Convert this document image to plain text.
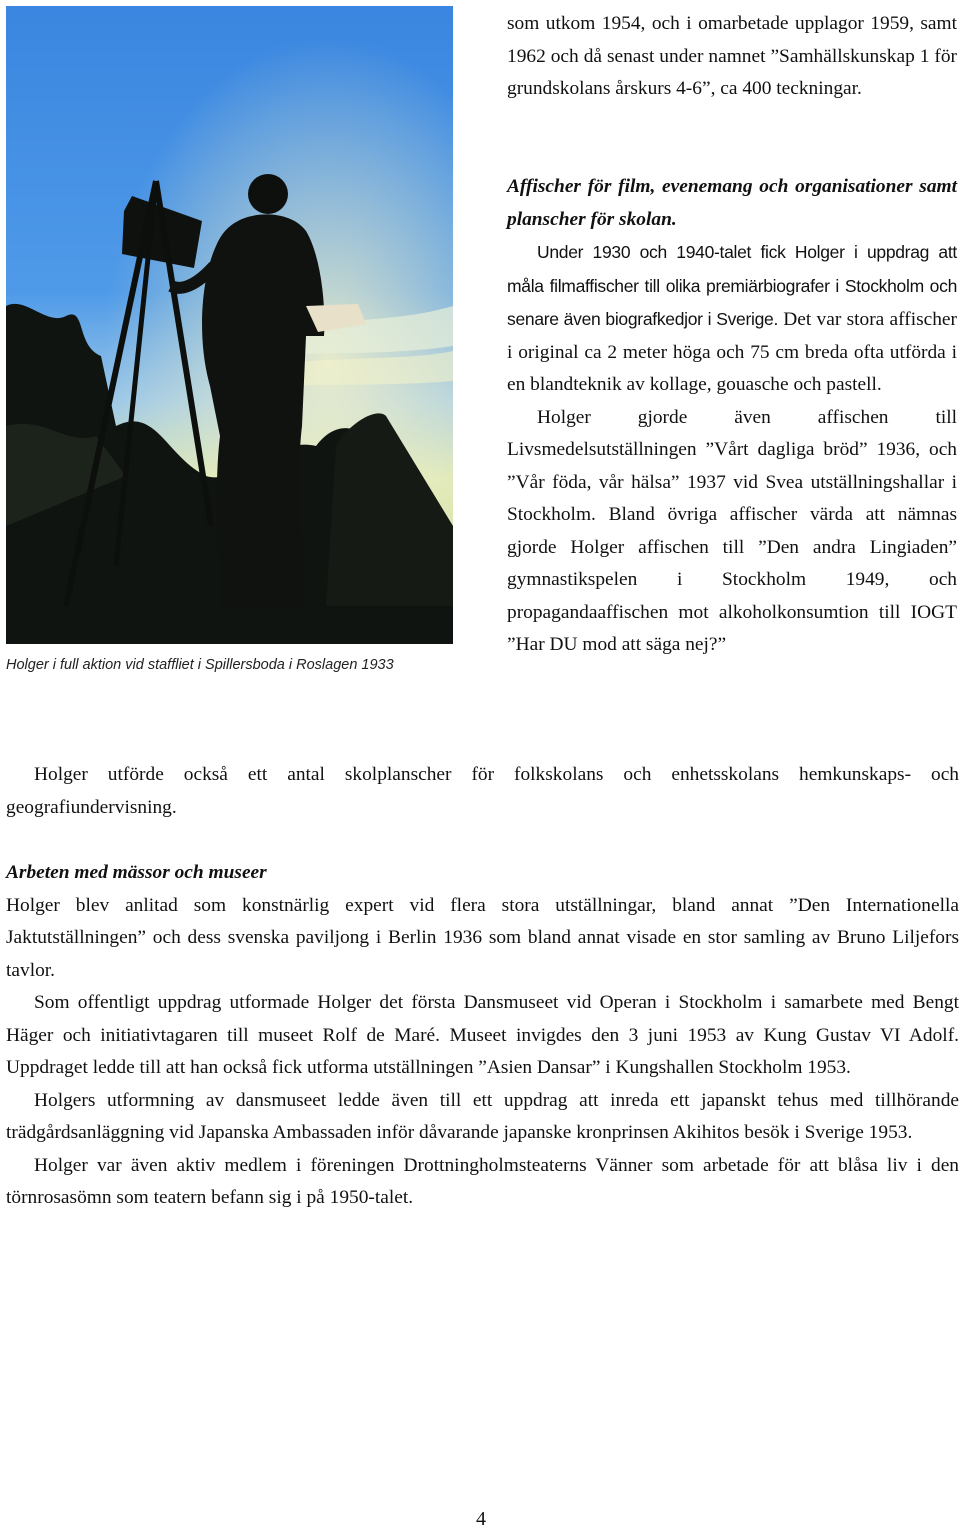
Holger i full aktion vid staffliet i Spillersboda i Roslagen 1933

som utkom 1954, och i omarbetade upplagor 1959, samt 1962 och då senast under namnet ”Samhällskunskap 1 för grundskolans årskurs 4-6”, ca 400 teckningar.

Affischer för film, evenemang och organisationer samt planscher för skolan.

Under 1930 och 1940-talet fick Holger i uppdrag att måla filmaffischer till olika premiärbiografer i Stockholm och senare även biografkedjor i Sverige. Det var stora affischer i original ca 2 meter höga och 75 cm breda ofta utförda i en blandteknik av kollage, gouasche och pastell.

Holger gjorde även affischen till Livsmedelsutställningen ”Vårt dagliga bröd” 1936, och ”Vår föda, vår hälsa” 1937 vid Svea utställningshallar i Stockholm. Bland övriga affischer värda att nämnas gjorde Holger affischen till ”Den andra Lingiaden” gymnastikspelen i Stockholm 1949, och propagandaaffischen mot alkoholkonsumtion till IOGT ”Har DU mod att säga nej?”

Holger utförde också ett antal skolplanscher för folkskolans och enhetsskolans hemkunskaps- och geografiundervisning.

Arbeten med mässor och museer

Holger blev anlitad som konstnärlig expert vid flera stora utställningar, bland annat ”Den Internationella Jaktutställningen” och dess svenska paviljong i Berlin 1936 som bland annat visade en stor samling av Bruno Liljefors tavlor.

Som offentligt uppdrag utformade Holger det första Dansmuseet vid Operan i Stockholm i samarbete med Bengt Häger och initiativtagaren till museet Rolf de Maré. Museet invigdes den 3 juni 1953 av Kung Gustav VI Adolf. Uppdraget ledde till att han också fick utforma utställningen ”Asien Dansar” i Kungshallen Stockholm 1953.

Holgers utformning av dansmuseet ledde även till ett uppdrag att inreda ett japanskt tehus med tillhörande trädgårdsanläggning vid Japanska Ambassaden inför dåvarande japanske kronprinsen Akihitos besök i Sverige 1953.

Holger var även aktiv medlem i föreningen Drottningholmsteaterns Vänner som arbetade för att blåsa liv i den törnrosasömn som teatern befann sig i på 1950-talet.

4
